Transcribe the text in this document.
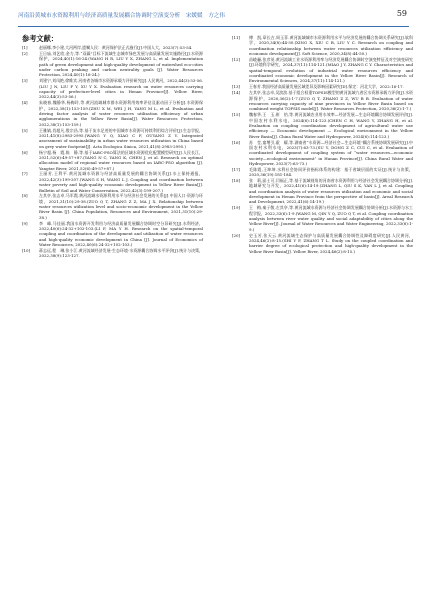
河南沿黄城市水资源利用与经济高质量发展耦合协调时空演变分析　宋媛媛　方之伟	59
参考文献：
[1]	赵丽娜,李小建,大河两岸,遗嘱人民：黄河保护法正式施行[J].中国人大，2023(7):53-54.
[2]	王日庙,刘艺欣,金力,等.“双碳”目标下流域生态城市绿色发展与高质量发展实施路径[J].水资源保护，2024,40(1):16-24.(WANG H R, LIU Y X, ZHANG L, et al. Implementation path of green development and high-quality development of watershed eco-cities under carbon peaking and carbon neutrality goals [J]. Water Resources Protection, 2024,40(1):16-24.)
[3]	刘建宁,刘凤艳,徐维宾.河南省各城市水资源承载力评价研究[J].人民黄河，2022,44(3):53-56.(LIU J N, LIU F Y, XU Y X. Evaluation research on water resources carrying capacity of prefecture-level cities in Henan Province[J]. Yellow River, 2022,44(3):53-56.)
[4]	朱晓春,魏静华,杨梅玲,等.黄河流域城市群水资源利用效率评估及驱动因子分析[J].水资源保护，2022,38(1):153-159.(ZHU X M, WEI J H, YANG M L, et al. Evaluation and driving factor analysis of water resources utilization efficiency of urban agglomerations in the Yellow River Basin[J]. Water Resources Protection, 2022,38(1):153-159.)
[5]	王雅婧,肖超凡,殷宗昌,等.基于灰水足迹的中国城市水资源可持续利用综合评价[J].生态学报，2021,41(8):2983-2995.(WANG Y Q, XIAO C F, OUYANG Z Y. Integrated assessment of sustainability in urban water resources utilization in China based on grey water footprint[J]. Acta Ecologica Sinica, 2021,41(8):2983-2995.)
[6]	杨宁超,杨　霞,陈　静,等.基于IABC-PSO算法的区域水资源优化配置模型研究[J].人民长江，2021,52(6):49-57+87.(YANG N C, YANG K, CHEN J, et al. Research on optimal allocation model of regional water resources based on IABC-PSO algorithm [J]. Yangtze River, 2021,52(6):49-57+87.)
[7]	王丽芳,王利平.黄河流域水资源与经济高质量发展的耦合协调关系[J].水土保持通报，2022,42(3):199-207.(WANG S H, WANG L J. Coupling and coordination between water poverty and high-quality economic development in Yellow River Basin[J]. Bulletin of Soil and Water Conservation, 2022,42(3):199-207.)
[8]	左其亭,张志卓,马军霞.黄河流域水资源利用水平与经济社会发展的关系[J].中国人口·资源与环境，2021,31(10):29-38.(ZUO Q T, ZHANG Z Z, MA J X. Relationship between water resources utilization level and socio-economic development in the Yellow River Basin [J]. China Population, Resources and Environment, 2021,31(10):29-38.)
[9]	李　峰,马佳丽.我国水资源开发利用与经济高质量发展耦合协调时空分异研究[J].水利经济，2022,40(6):24-32+102-103.(LI F, MA Y H. Research on the spatial-temporal coupling and coordination of the development and utilization of water resources and high-quality economic development in China [J]. Journal of Economics of Water Resources, 2022,40(6):24-32+102-103.)
[10] 蒋志远,程　琳,张小江.黄河流域经济发展-生态环境-水资源耦合协调水平评价[J].统计与决策，2022,38(9):123-127.
[11] 傅　凯,章长吉,周玉菲.黄河流域城市水资源利用水平与经济发展的耦合协调关系研究[J].软科学，2020,34(8):44-50.(XING X, XIU C B, LIU Y C. Research on coupling and coordination relationship between water resources utilization efficiency and economic development[J]. Soft Science, 2020,34(8):44-50.)
[12] 苗峻骊,张彦英.黄河流域工业水资源利用率与经济发展耦合协调时空演变特征及对空演变研究[J].环境科学研究，2024,37(11):114-121.(MIAO J Y, ZHANG C Y. Characteristics and spatial-temporal evolution of industrial water resources efficiency and coordinated economic development in the Yellow River Basin[J]. Research of Environmental Sciences, 2024,37(11):114-121.)
[13] 王春芳.我国经济高质量发展区域差异及影响因素研究[D].保定：河北大学，2022:16-17.
[14] 左其亭,张志卓,吴滨滨.基于组合权重TOPSIS模型的黄河流域九省区水资源承载力评价[J].水资源保护，2020,36(2):1-7.(ZUO Q T, ZHANG Z Z, WU B B. Evaluation of water resources carrying capacity of nine provinces in Yellow River Basin based on combined weight TOPSIS model[J]. Water Resources Protection, 2020,36(2):1-7.)
[15] 魏春华,王　玉,崔　怡,等.黄河流域农业用水效率—经济发展—生态环境耦合协调发展评价[J].中国农村水利水电，2024(6):114-123.(CHEN C H, WANG Y, ZHANG H, et al. Evaluation on coupling coordination development of agricultural water use efficiency — Economic development — Ecological environment in the Yellow River Basin[J]. China Rural Water and Hydropower, 2024(6):114-123.)
[16] 苏　莹,童增引,霍　耀,等.湖南省“水资源—经济社会—生态环境”耦合系统协调发展研究[J].中国农村水利水电，2023(7):63-73.(SU Y, DONG Z C, CUI C, et al. Evaluation of coordinated development of coupling system of “water resources—economic society—ecological environment” in Hunan Province[J]. China Rural Water and Hydropower, 2023(7):63-73.)
[17] 毛陈霞,王坤坤.水利社会协同评价指标体系的构建：基于省域层面的实证[J].统计与决策，2020,36(19):181-184.
[18] 张　莉,邱士可,闫福正,等.基于流域视角的河南省水资源利用与经济社会发展耦合协调分析[J].地域研究与开发，2022,41(6):14-19.(ZHANG L, QIU S K, YAN L J, et al. Coupling and coordination analysis of water resources utilization and economic and social development in Henan Province from the perspective of basin[J]. Areal Research and Development, 2022,41(6):14-19.)
[19] 王　梅,秦子敬,左其亭,等.黄河流域水资源与经济社会协调发展耦合协调分析[J].水资源与水工程学报，2022,33(6):1-9.(WANG M, QIN Y Q, ZUO Q T, et al. Coupling coordination analysis between river water quality and social adaptability of cities along the Yellow River[J]. Journal of Water Resources and Water Engineering, 2022,33(6):1-9.)
[20] 史玉芳,张天云.黄河流域生态保护与高质量发展耦合协调性及障碍度研究[J].人民黄河，2024,46(2):8-15.(SHI Y F, ZHANG T L. Study on the coupled coordination and barrier degree of ecological protection and high-quality development in the Yellow River Basin[J]. Yellow River, 2024,46(2):8-15.)
